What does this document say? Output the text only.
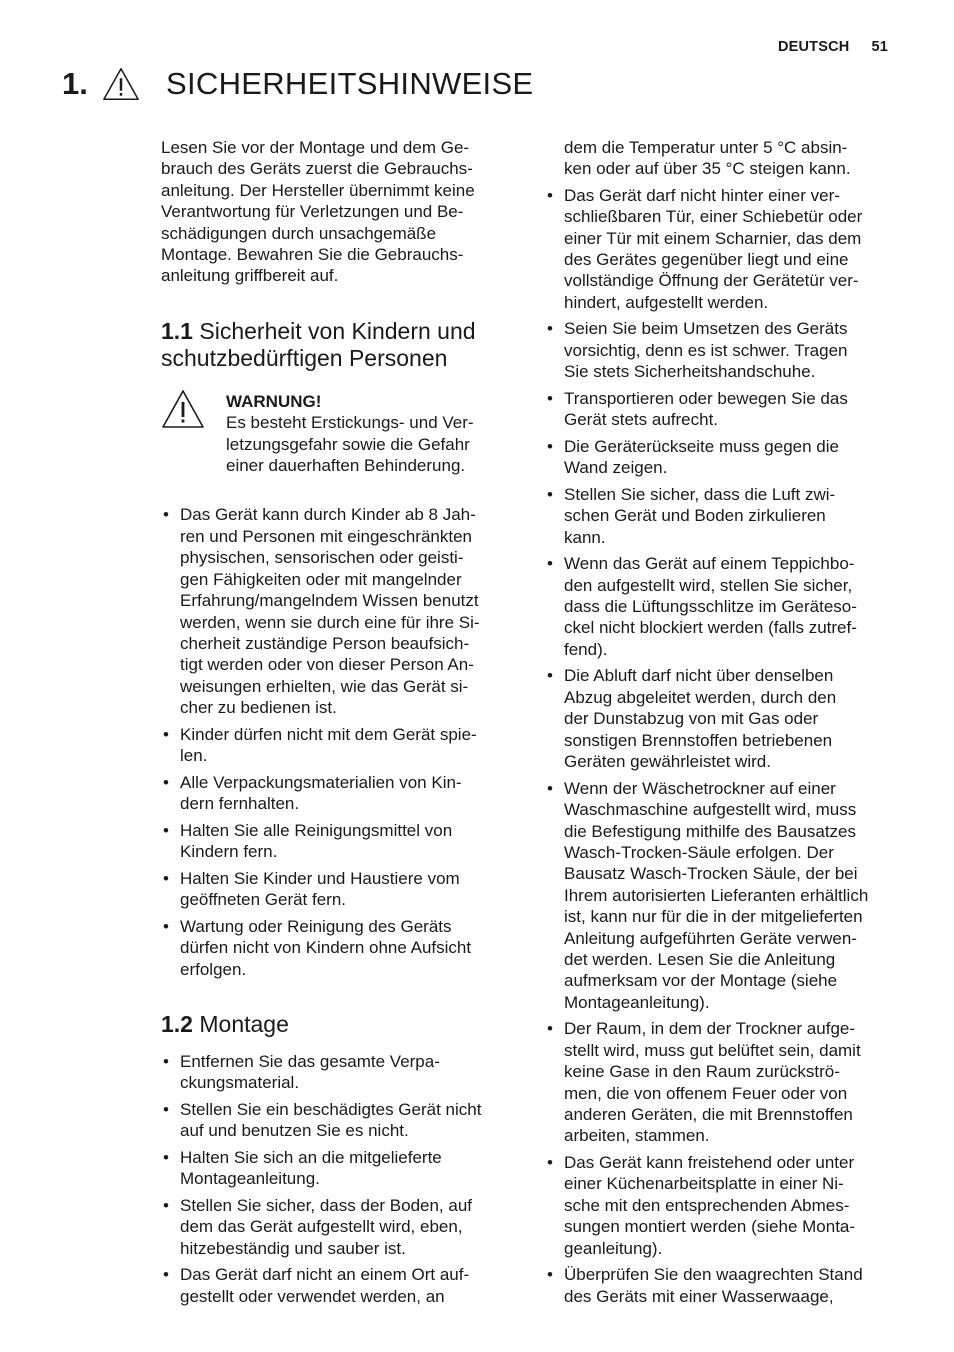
DEUTSCH 51
1.	SICHERHEITSHINWEISE

Lesen Sie vor der Montage und dem Ge-
brauch des Geräts zuerst die Gebrauchs-
anleitung. Der Hersteller übernimmt keine
Verantwortung für Verletzungen und Be-
schädigungen durch unsachgemäße
Montage. Bewahren Sie die Gebrauchs-
anleitung griffbereit auf.

1.1 Sicherheit von Kindern und
schutzbedürftigen Personen
WARNUNG!
Es besteht Erstickungs- und Ver-
letzungsgefahr sowie die Gefahr
einer dauerhaften Behinderung.
• Das Gerät kann durch Kinder ab 8 Jah-
ren und Personen mit eingeschränkten
physischen, sensorischen oder geisti-
gen Fähigkeiten oder mit mangelnder
Erfahrung/mangelndem Wissen benutzt
werden, wenn sie durch eine für ihre Si-
cherheit zuständige Person beaufsich-
tigt werden oder von dieser Person An-
weisungen erhielten, wie das Gerät si-
cher zu bedienen ist.
• Kinder dürfen nicht mit dem Gerät spie-
len.
• Alle Verpackungsmaterialien von Kin-
dern fernhalten.
• Halten Sie alle Reinigungsmittel von
Kindern fern.
• Halten Sie Kinder und Haustiere vom
geöffneten Gerät fern.
• Wartung oder Reinigung des Geräts
dürfen nicht von Kindern ohne Aufsicht
erfolgen.
1.2 Montage
• Entfernen Sie das gesamte Verpa-
ckungsmaterial.
• Stellen Sie ein beschädigtes Gerät nicht
auf und benutzen Sie es nicht.
• Halten Sie sich an die mitgelieferte
Montageanleitung.
• Stellen Sie sicher, dass der Boden, auf
dem das Gerät aufgestellt wird, eben,
hitzebeständig und sauber ist.
• Das Gerät darf nicht an einem Ort auf-
gestellt oder verwendet werden, an

dem die Temperatur unter 5 °C absin-
ken oder auf über 35 °C steigen kann.

• Das Gerät darf nicht hinter einer ver-
schließbaren Tür, einer Schiebetür oder
einer Tür mit einem Scharnier, das dem
des Gerätes gegenüber liegt und eine
vollständige Öffnung der Gerätetür ver-
hindert, aufgestellt werden.
• Seien Sie beim Umsetzen des Geräts
vorsichtig, denn es ist schwer. Tragen
Sie stets Sicherheitshandschuhe.
• Transportieren oder bewegen Sie das
Gerät stets aufrecht.
• Die Geräterückseite muss gegen die
Wand zeigen.
• Stellen Sie sicher, dass die Luft zwi-
schen Gerät und Boden zirkulieren
kann.
• Wenn das Gerät auf einem Teppichbo-
den aufgestellt wird, stellen Sie sicher,
dass die Lüftungsschlitze im Geräteso-
ckel nicht blockiert werden (falls zutref-
fend).
• Die Abluft darf nicht über denselben
Abzug abgeleitet werden, durch den
der Dunstabzug von mit Gas oder
sonstigen Brennstoffen betriebenen
Geräten gewährleistet wird.
• Wenn der Wäschetrockner auf einer
Waschmaschine aufgestellt wird, muss
die Befestigung mithilfe des Bausatzes
Wasch-Trocken-Säule erfolgen. Der
Bausatz Wasch-Trocken Säule, der bei
Ihrem autorisierten Lieferanten erhältlich
ist, kann nur für die in der mitgelieferten
Anleitung aufgeführten Geräte verwen-
det werden. Lesen Sie die Anleitung
aufmerksam vor der Montage (siehe
Montageanleitung).
• Der Raum, in dem der Trockner aufge-
stellt wird, muss gut belüftet sein, damit
keine Gase in den Raum zurückströ-
men, die von offenem Feuer oder von
anderen Geräten, die mit Brennstoffen
arbeiten, stammen.
• Das Gerät kann freistehend oder unter
einer Küchenarbeitsplatte in einer Ni-
sche mit den entsprechenden Abmes-
sungen montiert werden (siehe Monta-
geanleitung).
• Überprüfen Sie den waagrechten Stand
des Geräts mit einer Wasserwaage,
